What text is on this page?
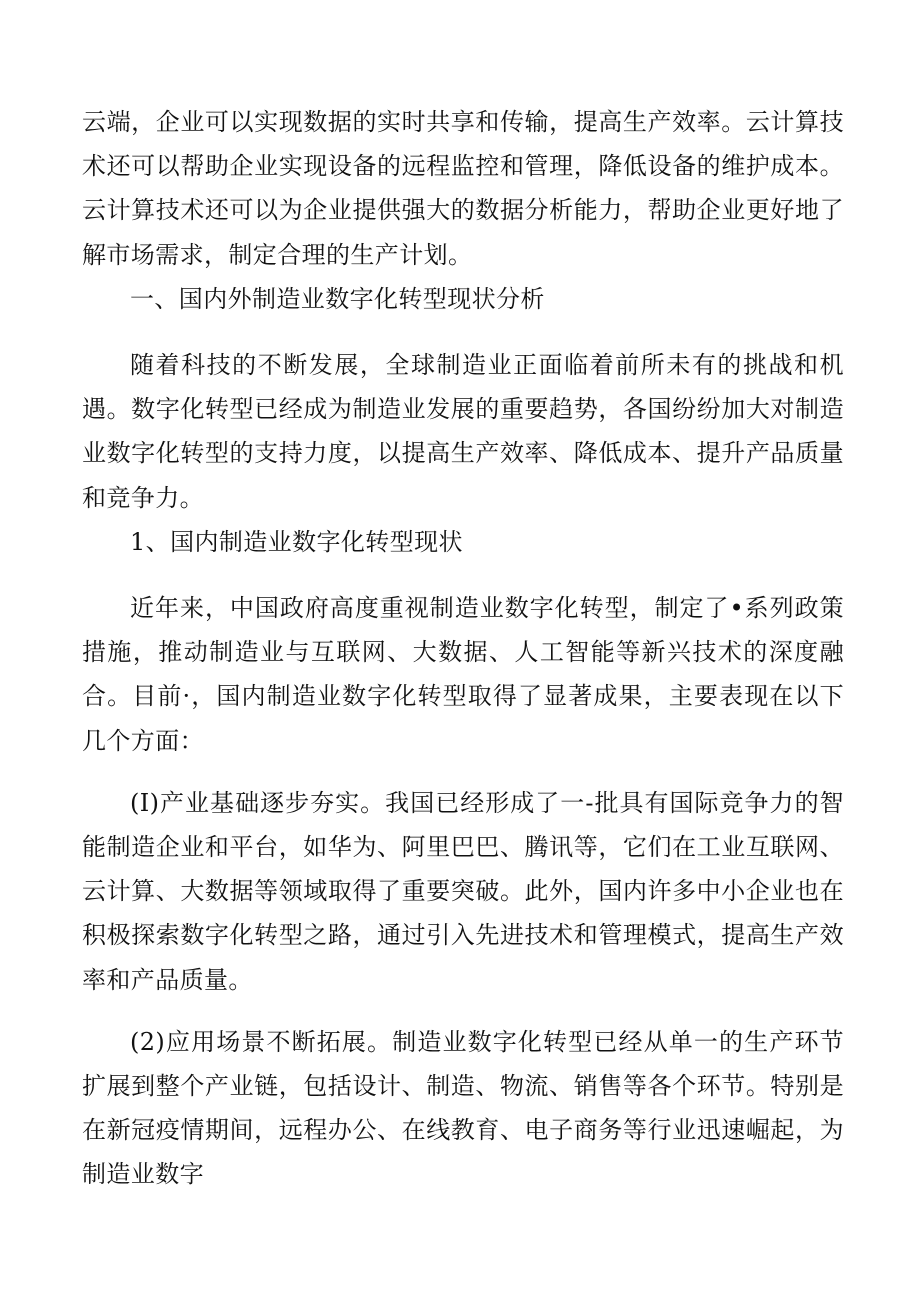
云端，企业可以实现数据的实时共享和传输，提高生产效率。云计算技术还可以帮助企业实现设备的远程监控和管理，降低设备的维护成本。云计算技术还可以为企业提供强大的数据分析能力，帮助企业更好地了解市场需求，制定合理的生产计划。

一、国内外制造业数字化转型现状分析

随着科技的不断发展，全球制造业正面临着前所未有的挑战和机遇。数字化转型已经成为制造业发展的重要趋势，各国纷纷加大对制造业数字化转型的支持力度，以提高生产效率、降低成本、提升产品质量和竞争力。

1、国内制造业数字化转型现状

近年来，中国政府高度重视制造业数字化转型，制定了•系列政策措施，推动制造业与互联网、大数据、人工智能等新兴技术的深度融合。目前·，国内制造业数字化转型取得了显著成果，主要表现在以下几个方面：

(I)产业基础逐步夯实。我国已经形成了一-批具有国际竞争力的智能制造企业和平台，如华为、阿里巴巴、腾讯等，它们在工业互联网、云计算、大数据等领域取得了重要突破。此外，国内许多中小企业也在积极探索数字化转型之路，通过引入先进技术和管理模式，提高生产效率和产品质量。

(2)应用场景不断拓展。制造业数字化转型已经从单一的生产环节扩展到整个产业链，包括设计、制造、物流、销售等各个环节。特别是在新冠疫情期间，远程办公、在线教育、电子商务等行业迅速崛起，为制造业数字
